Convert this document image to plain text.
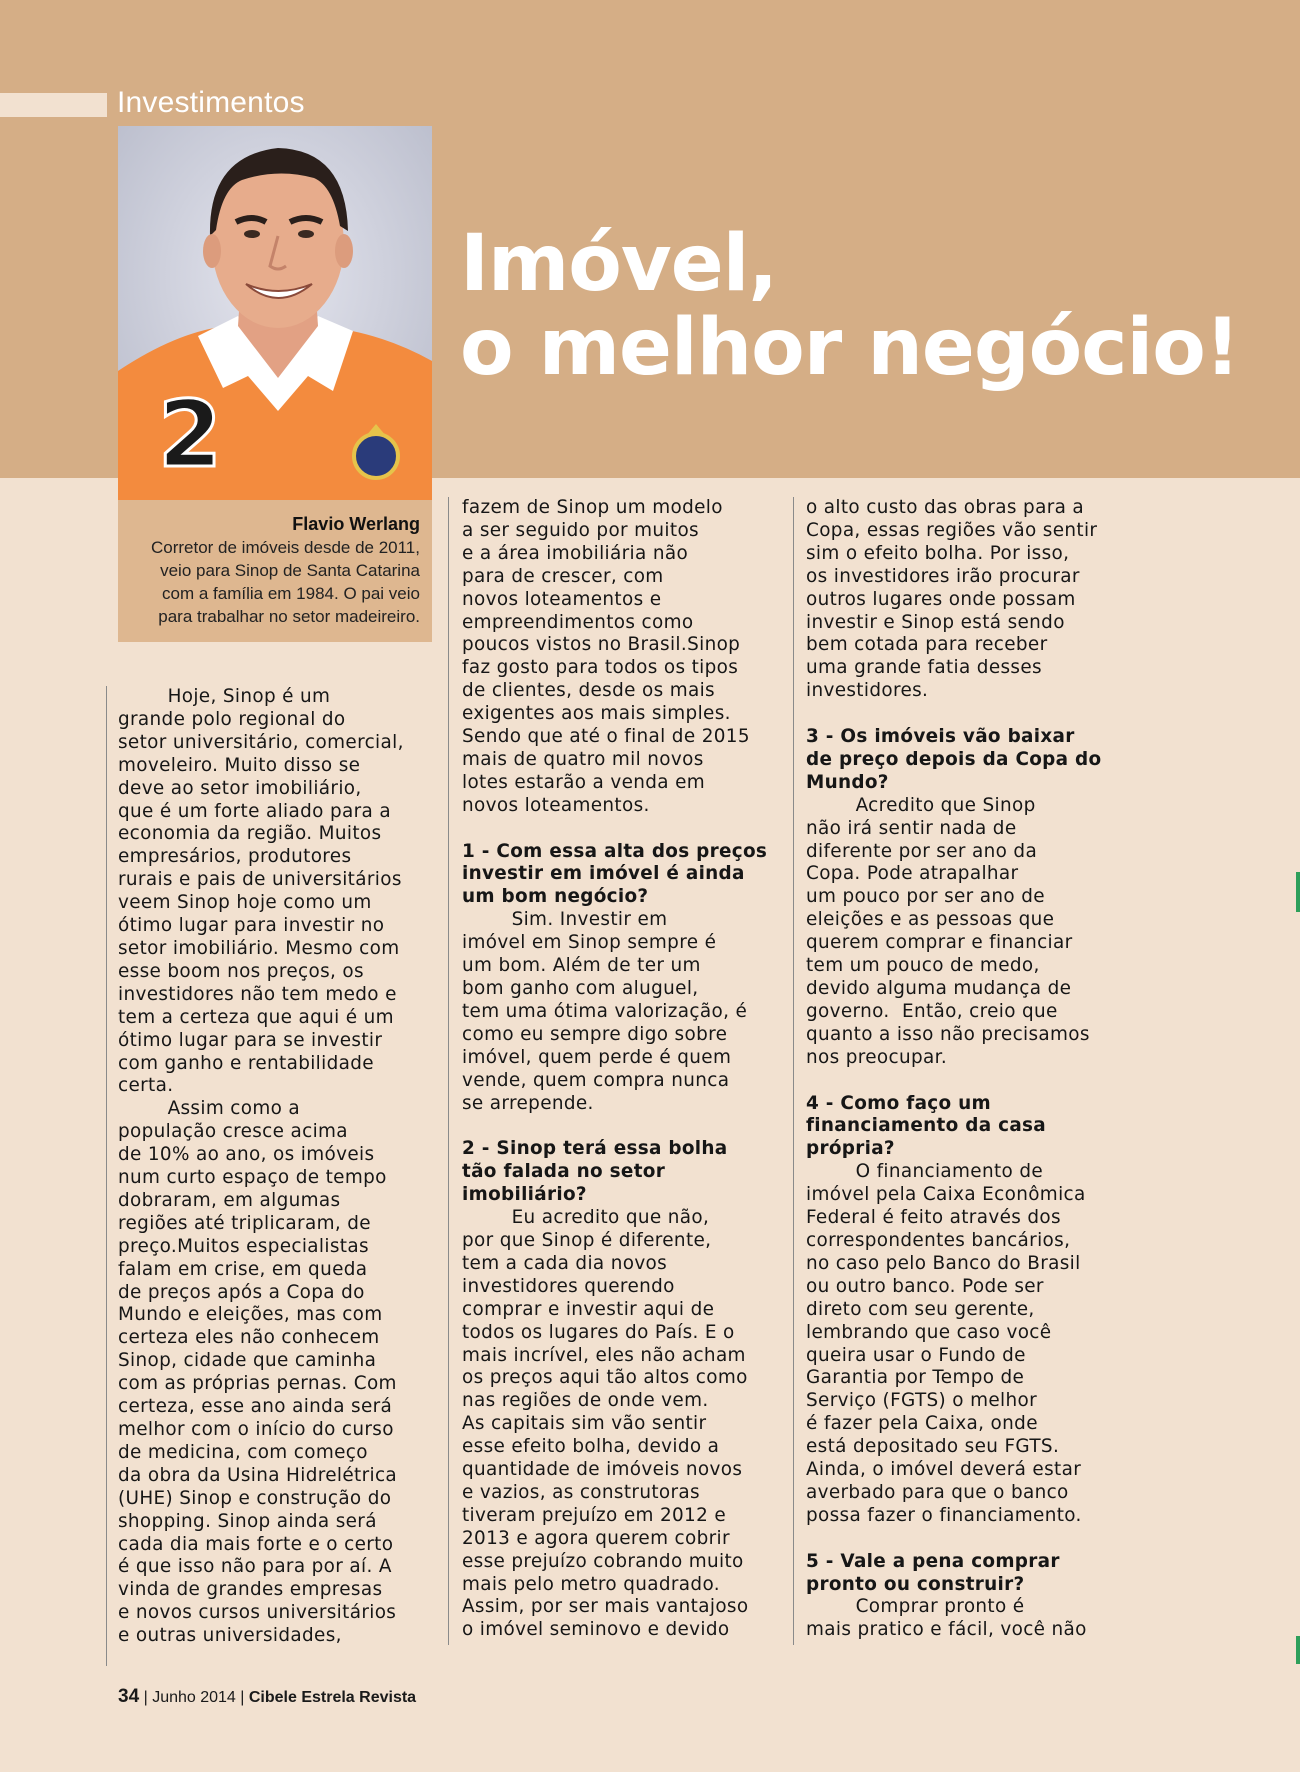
Investimentos
Imóvel,
o melhor negócio!
2
Flavio Werlang
Corretor de imóveis desde de 2011,
veio para Sinop de Santa Catarina
com a família em 1984. O pai veio
para trabalhar no setor madeireiro.

Hoje, Sinop é um

grande polo regional do

setor universitário, comercial,

moveleiro. Muito disso se

deve ao setor imobiliário,

que é um forte aliado para a

economia da região. Muitos

empresários, produtores

rurais e pais de universitários

veem Sinop hoje como um

ótimo lugar para investir no

setor imobiliário. Mesmo com

esse boom nos preços, os

investidores não tem medo e

tem a certeza que aqui é um

ótimo lugar para se investir

com ganho e rentabilidade

certa.

Assim como a

população cresce acima

de 10% ao ano, os imóveis

num curto espaço de tempo

dobraram, em algumas

regiões até triplicaram, de

preço.Muitos especialistas

falam em crise, em queda

de preços após a Copa do

Mundo e eleições, mas com

certeza eles não conhecem

Sinop, cidade que caminha

com as próprias pernas. Com

certeza, esse ano ainda será

melhor com o início do curso

de medicina, com começo

da obra da Usina Hidrelétrica

(UHE) Sinop e construção do

shopping. Sinop ainda será

cada dia mais forte e o certo

é que isso não para por aí. A

vinda de grandes empresas

e novos cursos universitários

e outras universidades,

fazem de Sinop um modelo

a ser seguido por muitos

e a área imobiliária não

para de crescer, com

novos loteamentos e

empreendimentos como

poucos vistos no Brasil.Sinop

faz gosto para todos os tipos

de clientes, desde os mais

exigentes aos mais simples.

Sendo que até o final de 2015

mais de quatro mil novos

lotes estarão a venda em

novos loteamentos.

1 - Com essa alta dos preços

investir em imóvel é ainda

um bom negócio?

Sim. Investir em

imóvel em Sinop sempre é

um bom. Além de ter um

bom ganho com aluguel,

tem uma ótima valorização, é

como eu sempre digo sobre

imóvel, quem perde é quem

vende, quem compra nunca

se arrepende.

2 - Sinop terá essa bolha

tão falada no setor

imobiliário?

Eu acredito que não,

por que Sinop é diferente,

tem a cada dia novos

investidores querendo

comprar e investir aqui de

todos os lugares do País. E o

mais incrível, eles não acham

os preços aqui tão altos como

nas regiões de onde vem.

As capitais sim vão sentir

esse efeito bolha, devido a

quantidade de imóveis novos

e vazios, as construtoras

tiveram prejuízo em 2012 e

2013 e agora querem cobrir

esse prejuízo cobrando muito

mais pelo metro quadrado.

Assim, por ser mais vantajoso

o imóvel seminovo e devido

o alto custo das obras para a

Copa, essas regiões vão sentir

sim o efeito bolha. Por isso,

os investidores irão procurar

outros lugares onde possam

investir e Sinop está sendo

bem cotada para receber

uma grande fatia desses

investidores.

3 - Os imóveis vão baixar

de preço depois da Copa do

Mundo?

Acredito que Sinop

não irá sentir nada de

diferente por ser ano da

Copa. Pode atrapalhar

um pouco por ser ano de

eleições e as pessoas que

querem comprar e financiar

tem um pouco de medo,

devido alguma mudança de

governo.  Então, creio que

quanto a isso não precisamos

nos preocupar.

4 - Como faço um

financiamento da casa

própria?

O financiamento de

imóvel pela Caixa Econômica

Federal é feito através dos

correspondentes bancários,

no caso pelo Banco do Brasil

ou outro banco. Pode ser

direto com seu gerente,

lembrando que caso você

queira usar o Fundo de

Garantia por Tempo de

Serviço (FGTS) o melhor

é fazer pela Caixa, onde

está depositado seu FGTS.

Ainda, o imóvel deverá estar

averbado para que o banco

possa fazer o financiamento.

5 - Vale a pena comprar

pronto ou construir?

Comprar pronto é

mais pratico e fácil, você não

34 | Junho 2014 | Cibele Estrela Revista
